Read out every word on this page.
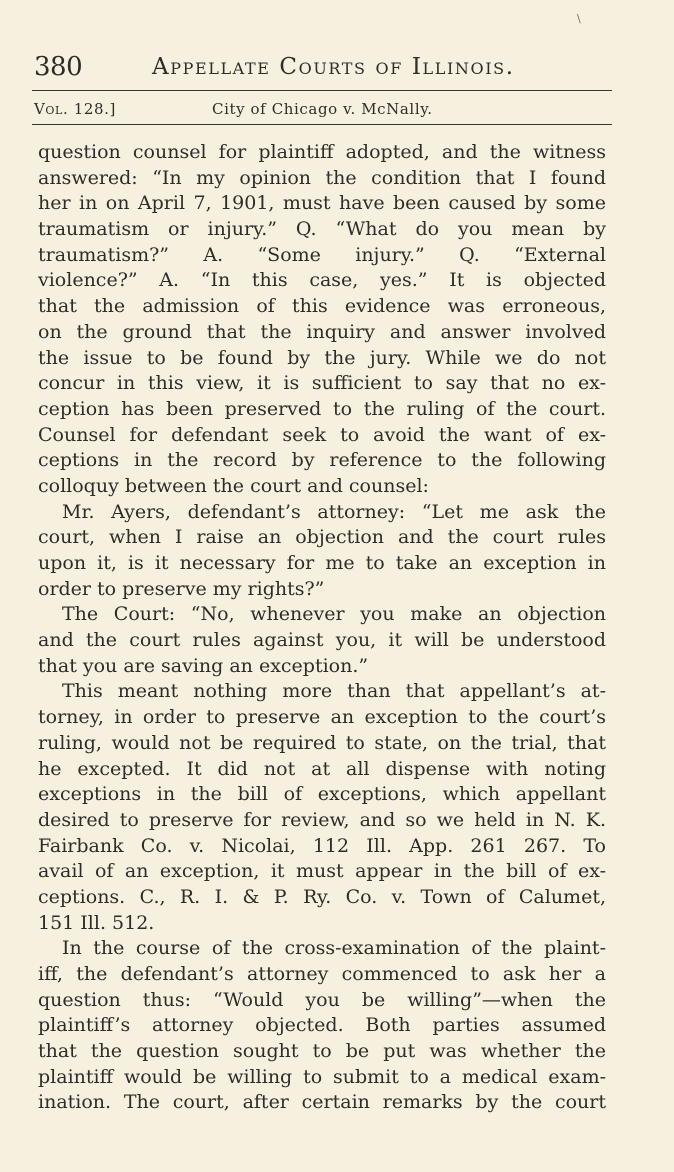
\
380	Appellate Courts of Illinois.
Vol. 128.]	City of Chicago v. McNally.
question counsel for plaintiff adopted, and the witness
answered: “In my opinion the condition that I found
her in on April 7, 1901, must have been caused by some
traumatism or injury.” Q. “What do you mean by
traumatism?” A. “Some injury.” Q. “External
violence?” A. “In this case, yes.” It is objected
that the admission of this evidence was erroneous,
on the ground that the inquiry and answer involved
the issue to be found by the jury. While we do not
concur in this view, it is sufficient to say that no ex-
ception has been preserved to the ruling of the court.
Counsel for defendant seek to avoid the want of ex-
ceptions in the record by reference to the following
colloquy between the court and counsel:
Mr. Ayers, defendant’s attorney: “Let me ask the
court, when I raise an objection and the court rules
upon it, is it necessary for me to take an exception in
order to preserve my rights?”
The Court: “No, whenever you make an objection
and the court rules against you, it will be understood
that you are saving an exception.”
This meant nothing more than that appellant’s at-
torney, in order to preserve an exception to the court’s
ruling, would not be required to state, on the trial, that
he excepted. It did not at all dispense with noting
exceptions in the bill of exceptions, which appellant
desired to preserve for review, and so we held in N. K.
Fairbank Co. v. Nicolai, 112 Ill. App. 261 267. To
avail of an exception, it must appear in the bill of ex-
ceptions. C., R. I. & P. Ry. Co. v. Town of Calumet,
151 Ill. 512.
In the course of the cross-examination of the plaint-
iff, the defendant’s attorney commenced to ask her a
question thus: “Would you be willing”—when the
plaintiff’s attorney objected. Both parties assumed
that the question sought to be put was whether the
plaintiff would be willing to submit to a medical exam-
ination. The court, after certain remarks by the court
